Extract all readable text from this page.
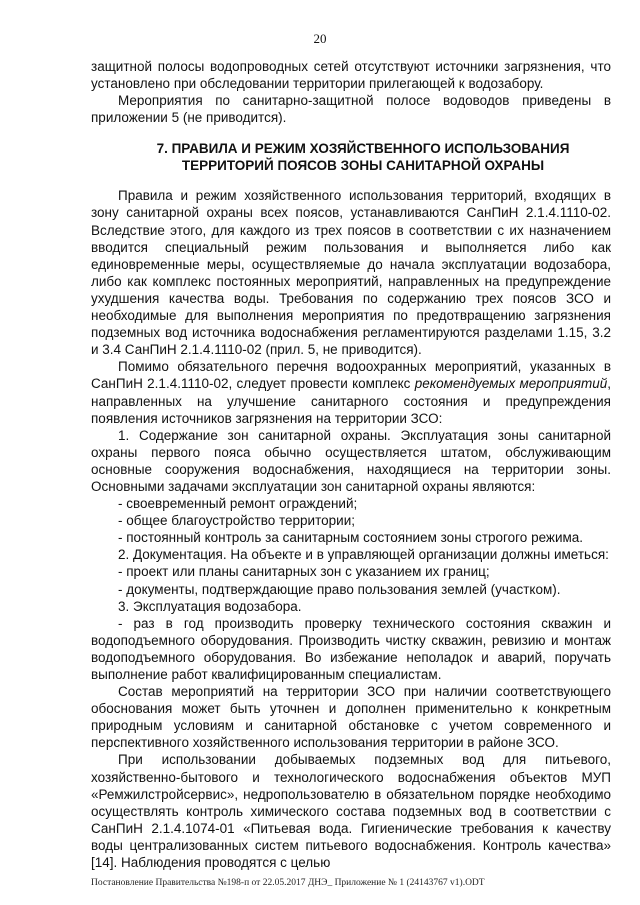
20

защитной полосы водопроводных сетей отсутствуют источники загрязнения, что установлено при обследовании территории прилегающей к водозабору.

Мероприятия по санитарно-защитной полосе водоводов приведены в приложении 5 (не приводится).

7. ПРАВИЛА И РЕЖИМ ХОЗЯЙСТВЕННОГО ИСПОЛЬЗОВАНИЯ
ТЕРРИТОРИЙ ПОЯСОВ ЗОНЫ САНИТАРНОЙ ОХРАНЫ

Правила и режим хозяйственного использования территорий, входящих в зону санитарной охраны всех поясов, устанавливаются СанПиН 2.1.4.1110-02. Вследствие этого, для каждого из трех поясов в соответствии с их назначением вводится специальный режим пользования и выполняется либо как единовременные меры, осуществляемые до начала эксплуатации водозабора, либо как комплекс постоянных мероприятий, направленных на предупреждение ухудшения качества воды. Требования по содержанию трех поясов ЗСО и необходимые для выполнения мероприятия по предотвращению загрязнения подземных вод источника водоснабжения регламентируются разделами 1.15, 3.2 и 3.4 СанПиН 2.1.4.1110-02 (прил. 5, не приводится).

Помимо обязательного перечня водоохранных мероприятий, указанных в СанПиН 2.1.4.1110-02, следует провести комплекс рекомендуемых мероприятий, направленных на улучшение санитарного состояния и предупреждения появления источников загрязнения на территории ЗСО:

1. Содержание зон санитарной охраны. Эксплуатация зоны санитарной охраны первого пояса обычно осуществляется штатом, обслуживающим основные сооружения водоснабжения, находящиеся на территории зоны. Основными задачами эксплуатации зон санитарной охраны являются:

- своевременный ремонт ограждений;

- общее благоустройство территории;

- постоянный контроль за санитарным состоянием зоны строгого режима.

2. Документация. На объекте и в управляющей организации должны иметься:

- проект или планы санитарных зон с указанием их границ;

- документы, подтверждающие право пользования землей (участком).

3. Эксплуатация водозабора.

- раз в год производить проверку технического состояния скважин и водоподъемного оборудования. Производить чистку скважин, ревизию и монтаж водоподъемного оборудования. Во избежание неполадок и аварий, поручать выполнение работ квалифицированным специалистам.

Состав мероприятий на территории ЗСО при наличии соответствующего обоснования может быть уточнен и дополнен применительно к конкретным природным условиям и санитарной обстановке с учетом современного и перспективного хозяйственного использования территории в районе ЗСО.

При использовании добываемых подземных вод для питьевого, хозяйственно-бытового и технологического водоснабжения объектов МУП «Ремжилстройсервис», недропользователю в обязательном порядке необходимо осуществлять контроль химического состава подземных вод в соответствии с СанПиН 2.1.4.1074-01 «Питьевая вода. Гигиенические требования к качеству воды централизованных систем питьевого водоснабжения. Контроль качества» [14]. Наблюдения проводятся с целью

Постановление Правительства №198-п от 22.05.2017 ДНЭ_ Приложение № 1 (24143767 v1).ODT
